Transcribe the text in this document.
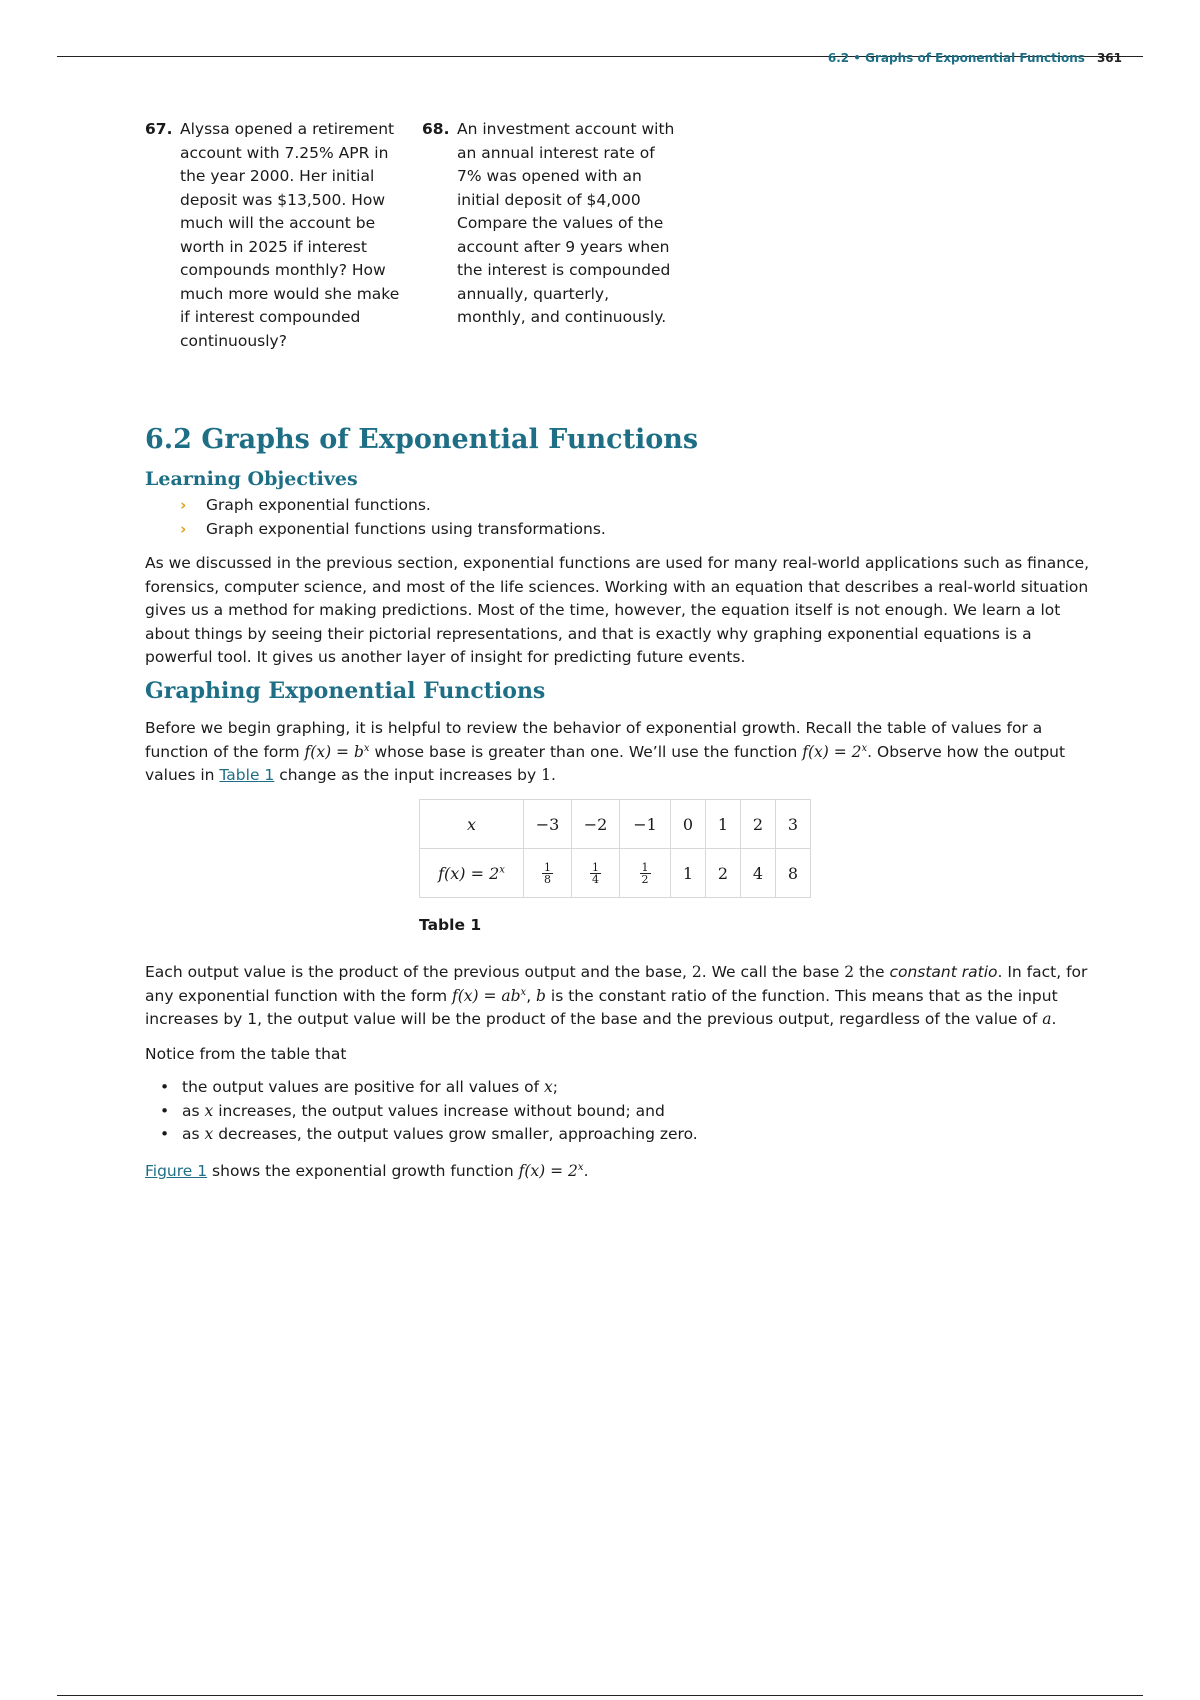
6.2 • Graphs of Exponential Functions 361
67. Alyssa opened a retirement account with 7.25% APR in the year 2000. Her initial deposit was $13,500. How much will the account be worth in 2025 if interest compounds monthly? How much more would she make if interest compounded continuously?
68. An investment account with an annual interest rate of 7% was opened with an initial deposit of $4,000 Compare the values of the account after 9 years when the interest is compounded annually, quarterly, monthly, and continuously.
6.2 Graphs of Exponential Functions
Learning Objectives
› Graph exponential functions.
› Graph exponential functions using transformations.

As we discussed in the previous section, exponential functions are used for many real-world applications such as finance, forensics, computer science, and most of the life sciences. Working with an equation that describes a real-world situation gives us a method for making predictions. Most of the time, however, the equation itself is not enough. We learn a lot about things by seeing their pictorial representations, and that is exactly why graphing exponential equations is a powerful tool. It gives us another layer of insight for predicting future events.

Graphing Exponential Functions

Before we begin graphing, it is helpful to review the behavior of exponential growth. Recall the table of values for a function of the form $f(x) = b^x$ whose base is greater than one. We’ll use the function $f(x) = 2^x$. Observe how the output values in Table 1 change as the input increases by 1.

x	−3	−2	−1	0	1	2	3
$f(x) = 2^x$	$\frac{1}{8}$	$\frac{1}{4}$	$\frac{1}{2}$	1	2	4	8
Table 1

Each output value is the product of the previous output and the base, 2. We call the base 2 the constant ratio. In fact, for any exponential function with the form $f(x) = ab^x$, b is the constant ratio of the function. This means that as the input increases by 1, the output value will be the product of the base and the previous output, regardless of the value of a.

Notice from the table that

• the output values are positive for all values of x;
• as x increases, the output values increase without bound; and
• as x decreases, the output values grow smaller, approaching zero.

Figure 1 shows the exponential growth function $f(x) = 2^x$.
